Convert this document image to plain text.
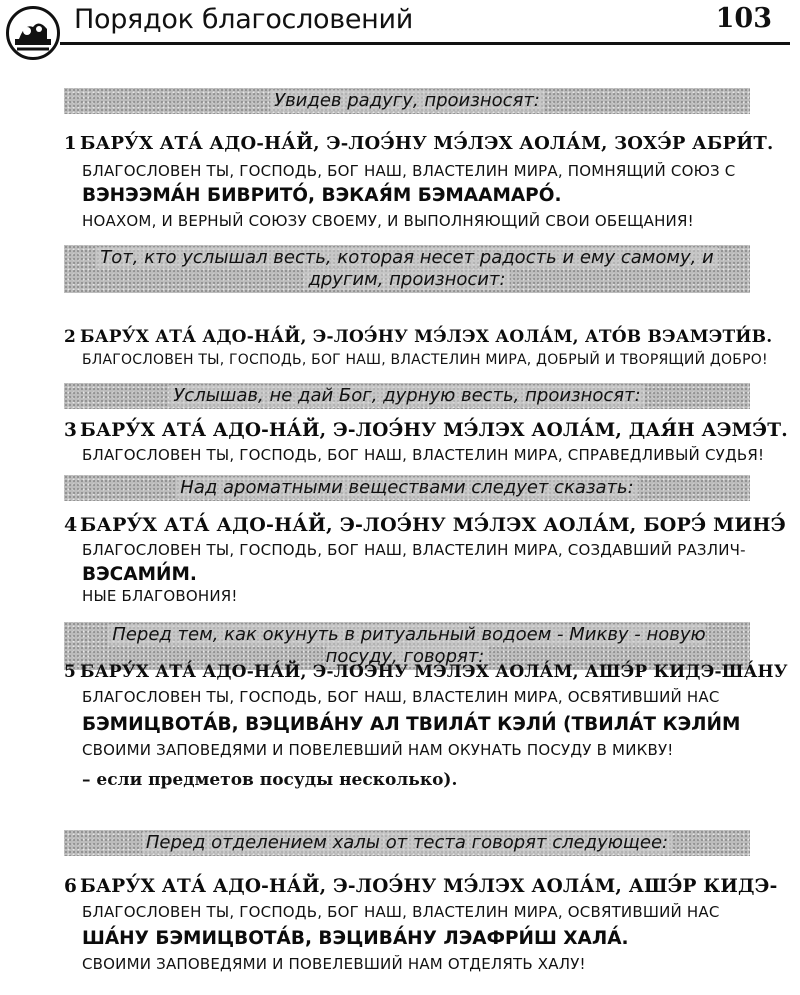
Порядок благословений	103
Увидев радугу, произносят:
1 БАРУ́Х АТА́ АДО-НА́Й, Э-ЛОЭ́НУ МЭ́ЛЭХ АОЛА́М, ЗОХЭ́Р АБРИ́Т.
БЛАГОСЛОВЕН ТЫ, ГОСПОДЬ, БОГ НАШ, ВЛАСТЕЛИН МИРА, ПОМНЯЩИЙ СОЮЗ С
ВЭНЭЭМА́Н БИВРИТО́, ВЭКАЯ́М БЭМААМАРО́.
НОАХОМ, И ВЕРНЫЙ СОЮЗУ СВОЕМУ, И ВЫПОЛНЯЮЩИЙ СВОИ ОБЕЩАНИЯ!
Тот, кто услышал весть, которая несет радость и ему самому, и
другим, произносит:
2 БАРУ́Х АТА́ АДО-НА́Й, Э-ЛОЭ́НУ МЭ́ЛЭХ АОЛА́М, АТО́В ВЭАМЭТИ́В.
БЛАГОСЛОВЕН ТЫ, ГОСПОДЬ, БОГ НАШ, ВЛАСТЕЛИН МИРА, ДОБРЫЙ И ТВОРЯЩИЙ ДОБРО!
Услышав, не дай Бог, дурную весть, произносят:
3 БАРУ́Х АТА́ АДО-НА́Й, Э-ЛОЭ́НУ МЭ́ЛЭХ АОЛА́М, ДАЯ́Н АЭМЭ́Т.
БЛАГОСЛОВЕН ТЫ, ГОСПОДЬ, БОГ НАШ, ВЛАСТЕЛИН МИРА, СПРАВЕДЛИВЫЙ СУДЬЯ!
Над ароматными веществами следует сказать:
4 БАРУ́Х АТА́ АДО-НА́Й, Э-ЛОЭ́НУ МЭ́ЛЭХ АОЛА́М, БОРЭ́ МИНЭ́
БЛАГОСЛОВЕН ТЫ, ГОСПОДЬ, БОГ НАШ, ВЛАСТЕЛИН МИРА, СОЗДАВШИЙ РАЗЛИЧ-
ВЭСАМИ́М.
НЫЕ БЛАГОВОНИЯ!
Перед тем, как окунуть в ритуальный водоем - Микву - новую посуду, говорят:
5 БАРУ́Х АТА́ АДО-НА́Й, Э-ЛОЭ́НУ МЭ́ЛЭХ АОЛА́М, АШЭ́Р КИДЭ-ША́НУ
БЛАГОСЛОВЕН ТЫ, ГОСПОДЬ, БОГ НАШ, ВЛАСТЕЛИН МИРА, ОСВЯТИВШИЙ НАС
БЭМИЦВОТА́В, ВЭЦИВА́НУ АЛ ТВИЛА́Т КЭЛИ́ (ТВИЛА́Т КЭЛИ́М
СВОИМИ ЗАПОВЕДЯМИ И ПОВЕЛЕВШИЙ НАМ ОКУНАТЬ ПОСУДУ В МИКВУ!
– если предметов посуды несколько).
Перед отделением халы от теста говорят следующее:
6 БАРУ́Х АТА́ АДО-НА́Й, Э-ЛОЭ́НУ МЭ́ЛЭХ АОЛА́М, АШЭ́Р КИДЭ-
БЛАГОСЛОВЕН ТЫ, ГОСПОДЬ, БОГ НАШ, ВЛАСТЕЛИН МИРА, ОСВЯТИВШИЙ НАС
ША́НУ БЭМИЦВОТА́В, ВЭЦИВА́НУ ЛЭАФРИ́Ш ХАЛА́.
СВОИМИ ЗАПОВЕДЯМИ И ПОВЕЛЕВШИЙ НАМ ОТДЕЛЯТЬ ХАЛУ!
